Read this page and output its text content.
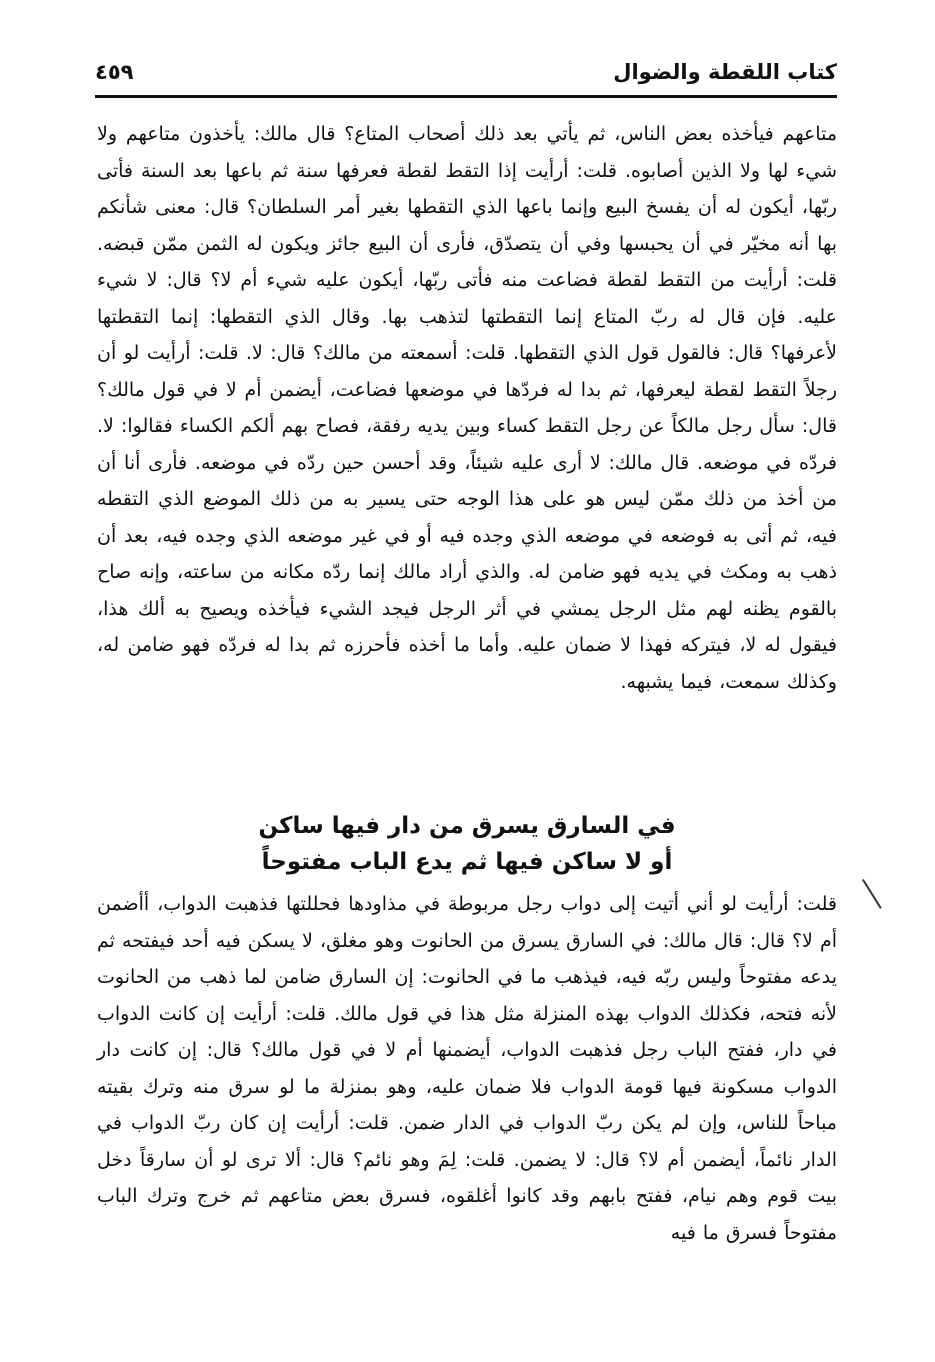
كتاب اللقطة والضوال
٤٥٩

متاعهم فيأخذه بعض الناس، ثم يأتي بعد ذلك أصحاب المتاع؟ قال مالك: يأخذون متاعهم ولا شيء لها ولا الذين أصابوه. قلت: أرأيت إذا التقط لقطة فعرفها سنة ثم باعها بعد السنة فأتى ربّها، أيكون له أن يفسخ البيع وإنما باعها الذي التقطها بغير أمر السلطان؟ قال: معنى شأنكم بها أنه مخيّر في أن يحبسها وفي أن يتصدّق، فأرى أن البيع جائز ويكون له الثمن ممّن قبضه. قلت: أرأيت من التقط لقطة فضاعت منه فأتى ربّها، أيكون عليه شيء أم لا؟ قال: لا شيء عليه. فإن قال له ربّ المتاع إنما التقطتها لتذهب بها. وقال الذي التقطها: إنما التقطتها لأعرفها؟ قال: فالقول قول الذي التقطها. قلت: أسمعته من مالك؟ قال: لا. قلت: أرأيت لو أن رجلاً التقط لقطة ليعرفها، ثم بدا له فردّها في موضعها فضاعت، أيضمن أم لا في قول مالك؟ قال: سأل رجل مالكاً عن رجل التقط كساء وبين يديه رفقة، فصاح بهم ألكم الكساء فقالوا: لا. فردّه في موضعه. قال مالك: لا أرى عليه شيئاً، وقد أحسن حين ردّه في موضعه. فأرى أنا أن من أخذ من ذلك ممّن ليس هو على هذا الوجه حتى يسير به من ذلك الموضع الذي التقطه فيه، ثم أتى به فوضعه في موضعه الذي وجده فيه أو في غير موضعه الذي وجده فيه، بعد أن ذهب به ومكث في يديه فهو ضامن له. والذي أراد مالك إنما ردّه مكانه من ساعته، وإنه صاح بالقوم يظنه لهم مثل الرجل يمشي في أثر الرجل فيجد الشيء فيأخذه ويصيح به ألك هذا، فيقول له لا، فيتركه فهذا لا ضمان عليه. وأما ما أخذه فأحرزه ثم بدا له فردّه فهو ضامن له، وكذلك سمعت، فيما يشبهه.

في السارق يسرق من دار فيها ساكن
أو لا ساكن فيها ثم يدع الباب مفتوحاً

قلت: أرأيت لو أني أتيت إلى دواب رجل مربوطة في مذاودها فحللتها فذهبت الدواب، أأضمن أم لا؟ قال: قال مالك: في السارق يسرق من الحانوت وهو مغلق، لا يسكن فيه أحد فيفتحه ثم يدعه مفتوحاً وليس ربّه فيه، فيذهب ما في الحانوت: إن السارق ضامن لما ذهب من الحانوت لأنه فتحه، فكذلك الدواب بهذه المنزلة مثل هذا في قول مالك. قلت: أرأيت إن كانت الدواب في دار، ففتح الباب رجل فذهبت الدواب، أيضمنها أم لا في قول مالك؟ قال: إن كانت دار الدواب مسكونة فيها قومة الدواب فلا ضمان عليه، وهو بمنزلة ما لو سرق منه وترك بقيته مباحاً للناس، وإن لم يكن ربّ الدواب في الدار ضمن. قلت: أرأيت إن كان ربّ الدواب في الدار نائماً، أيضمن أم لا؟ قال: لا يضمن. قلت: لِمَ وهو نائم؟ قال: ألا ترى لو أن سارقاً دخل بيت قوم وهم نيام، ففتح بابهم وقد كانوا أغلقوه، فسرق بعض متاعهم ثم خرج وترك الباب مفتوحاً فسرق ما فيه
